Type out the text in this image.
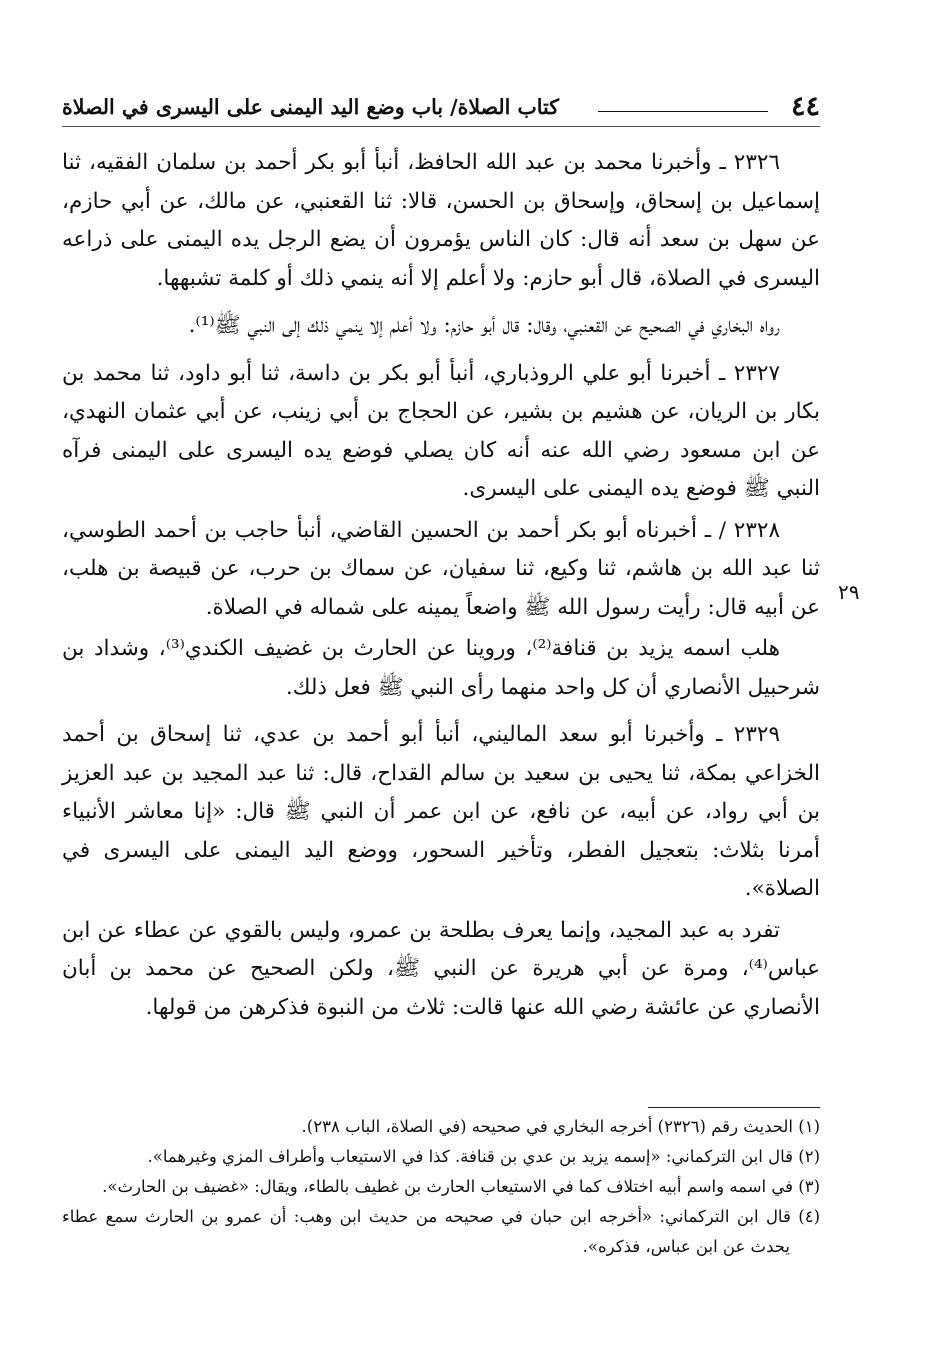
٤٤
كتاب الصلاة/ باب وضع اليد اليمنى على اليسرى في الصلاة
٢٩

٢٣٢٦ ـ وأخبرنا محمد بن عبد الله الحافظ، أنبأ أبو بكر أحمد بن سلمان الفقيه، ثنا إسماعيل بن إسحاق، وإسحاق بن الحسن، قالا: ثنا القعنبي، عن مالك، عن أبي حازم، عن سهل بن سعد أنه قال: كان الناس يؤمرون أن يضع الرجل يده اليمنى على ذراعه اليسرى في الصلاة، قال أبو حازم: ولا أعلم إلا أنه ينمي ذلك أو كلمة تشبهها.

رواه البخاري في الصحيح عن القعنبي، وقال: قال أبو حازم: ولا أعلم إلا ينمي ذلك إلى النبي ﷺ⁽¹⁾.

٢٣٢٧ ـ أخبرنا أبو علي الروذباري، أنبأ أبو بكر بن داسة، ثنا أبو داود، ثنا محمد بن بكار بن الريان، عن هشيم بن بشير، عن الحجاج بن أبي زينب، عن أبي عثمان النهدي، عن ابن مسعود رضي الله عنه أنه كان يصلي فوضع يده اليسرى على اليمنى فرآه النبي ﷺ فوضع يده اليمنى على اليسرى.

٢٣٢٨ / ـ أخبرناه أبو بكر أحمد بن الحسين القاضي، أنبأ حاجب بن أحمد الطوسي، ثنا عبد الله بن هاشم، ثنا وكيع، ثنا سفيان، عن سماك بن حرب، عن قبيصة بن هلب، عن أبيه قال: رأيت رسول الله ﷺ واضعاً يمينه على شماله في الصلاة.

هلب اسمه يزيد بن قنافة⁽²⁾، وروينا عن الحارث بن غضيف الكندي⁽³⁾، وشداد بن شرحبيل الأنصاري أن كل واحد منهما رأى النبي ﷺ فعل ذلك.

٢٣٢٩ ـ وأخبرنا أبو سعد الماليني، أنبأ أبو أحمد بن عدي، ثنا إسحاق بن أحمد الخزاعي بمكة، ثنا يحيى بن سعيد بن سالم القداح، قال: ثنا عبد المجيد بن عبد العزيز بن أبي رواد، عن أبيه، عن نافع، عن ابن عمر أن النبي ﷺ قال: «إنا معاشر الأنبياء أمرنا بثلاث: بتعجيل الفطر، وتأخير السحور، ووضع اليد اليمنى على اليسرى في الصلاة».

تفرد به عبد المجيد، وإنما يعرف بطلحة بن عمرو، وليس بالقوي عن عطاء عن ابن عباس⁽⁴⁾، ومرة عن أبي هريرة عن النبي ﷺ، ولكن الصحيح عن محمد بن أبان الأنصاري عن عائشة رضي الله عنها قالت: ثلاث من النبوة فذكرهن من قولها.

(١) الحديث رقم (٢٣٢٦) أخرجه البخاري في صحيحه (في الصلاة، الباب ٢٣٨).

(٢) قال ابن التركماني: «إسمه يزيد بن عدي بن قنافة. كذا في الاستيعاب وأطراف المزي وغيرهما».

(٣) في اسمه واسم أبيه اختلاف كما في الاستيعاب الحارث بن غطيف بالطاء، ويقال: «غضيف بن الحارث».

(٤) قال ابن التركماني: «أخرجه ابن حبان في صحيحه من حديث ابن وهب: أن عمرو بن الحارث سمع عطاء يحدث عن ابن عباس، فذكره».
